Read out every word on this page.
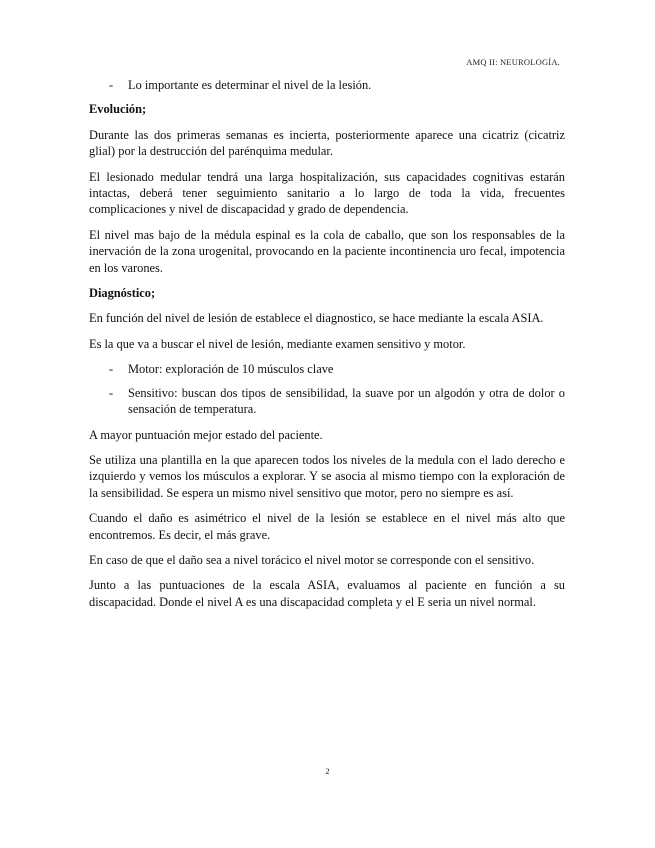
AMQ II: NEUROLOGÍA.
-	Lo importante es determinar el nivel de la lesión.
Evolución;

Durante las dos primeras semanas es incierta, posteriormente aparece una cicatriz (cicatriz glial) por la destrucción del parénquima medular.

El lesionado medular tendrá una larga hospitalización, sus capacidades cognitivas estarán intactas, deberá tener seguimiento sanitario a lo largo de toda la vida, frecuentes complicaciones y nivel de discapacidad y grado de dependencia.

El nivel mas bajo de la médula espinal es la cola de caballo, que son los responsables de la inervación de la zona urogenital, provocando en la paciente incontinencia uro fecal, impotencia en los varones.

Diagnóstico;

En función del nivel de lesión de establece el diagnostico, se hace mediante la escala ASIA.

Es la que va a buscar el nivel de lesión, mediante examen sensitivo y motor.

-	Motor: exploración de 10 músculos clave
-	Sensitivo: buscan dos tipos de sensibilidad, la suave por un algodón y otra de dolor o sensación de temperatura.

A mayor puntuación mejor estado del paciente.

Se utiliza una plantilla en la que aparecen todos los niveles de la medula con el lado derecho e izquierdo y vemos los músculos a explorar. Y se asocia al mismo tiempo con la exploración de la sensibilidad. Se espera un mismo nivel sensitivo que motor, pero no siempre es así.

Cuando el daño es asimétrico el nivel de la lesión se establece en el nivel más alto que encontremos. Es decir, el más grave.

En caso de que el daño sea a nivel torácico el nivel motor se corresponde con el sensitivo.

Junto a las puntuaciones de la escala ASIA, evaluamos al paciente en función a su discapacidad. Donde el nivel A es una discapacidad completa y el E seria un nivel normal.

2
